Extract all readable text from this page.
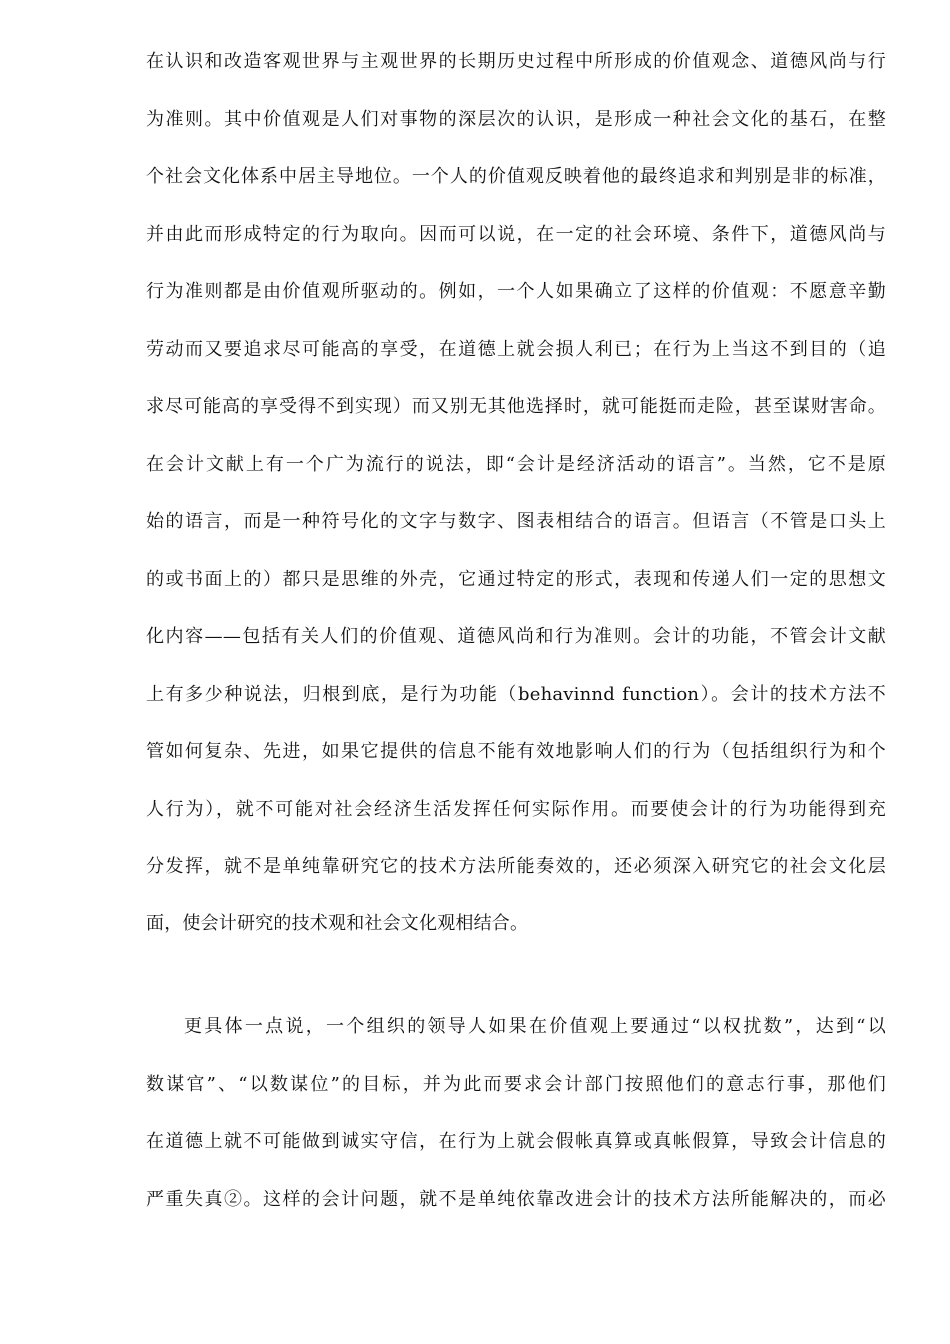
在认识和改造客观世界与主观世界的长期历史过程中所形成的价值观念、道德风尚与行
为准则。其中价值观是人们对事物的深层次的认识，是形成一种社会文化的基石，在整
个社会文化体系中居主导地位。一个人的价值观反映着他的最终追求和判别是非的标准，
并由此而形成特定的行为取向。因而可以说，在一定的社会环境、条件下，道德风尚与
行为准则都是由价值观所驱动的。例如，一个人如果确立了这样的价值观：不愿意辛勤
劳动而又要追求尽可能高的享受，在道德上就会损人利已；在行为上当这不到目的（追
求尽可能高的享受得不到实现）而又别无其他选择时，就可能挺而走险，甚至谋财害命。
在会计文献上有一个广为流行的说法，即“会计是经济活动的语言”。当然，它不是原
始的语言，而是一种符号化的文字与数字、图表相结合的语言。但语言（不管是口头上
的或书面上的）都只是思维的外壳，它通过特定的形式，表现和传递人们一定的思想文
化内容——包括有关人们的价值观、道德风尚和行为准则。会计的功能，不管会计文献
上有多少种说法，归根到底，是行为功能（behavinnd function）。会计的技术方法不
管如何复杂、先进，如果它提供的信息不能有效地影响人们的行为（包括组织行为和个
人行为），就不可能对社会经济生活发挥任何实际作用。而要使会计的行为功能得到充
分发挥，就不是单纯靠研究它的技术方法所能奏效的，还必须深入研究它的社会文化层
面，使会计研究的技术观和社会文化观相结合。
更具体一点说，一个组织的领导人如果在价值观上要通过“以权扰数”，达到“以
数谋官”、“以数谋位”的目标，并为此而要求会计部门按照他们的意志行事，那他们
在道德上就不可能做到诚实守信，在行为上就会假帐真算或真帐假算，导致会计信息的
严重失真②。这样的会计问题，就不是单纯依靠改进会计的技术方法所能解决的，而必
